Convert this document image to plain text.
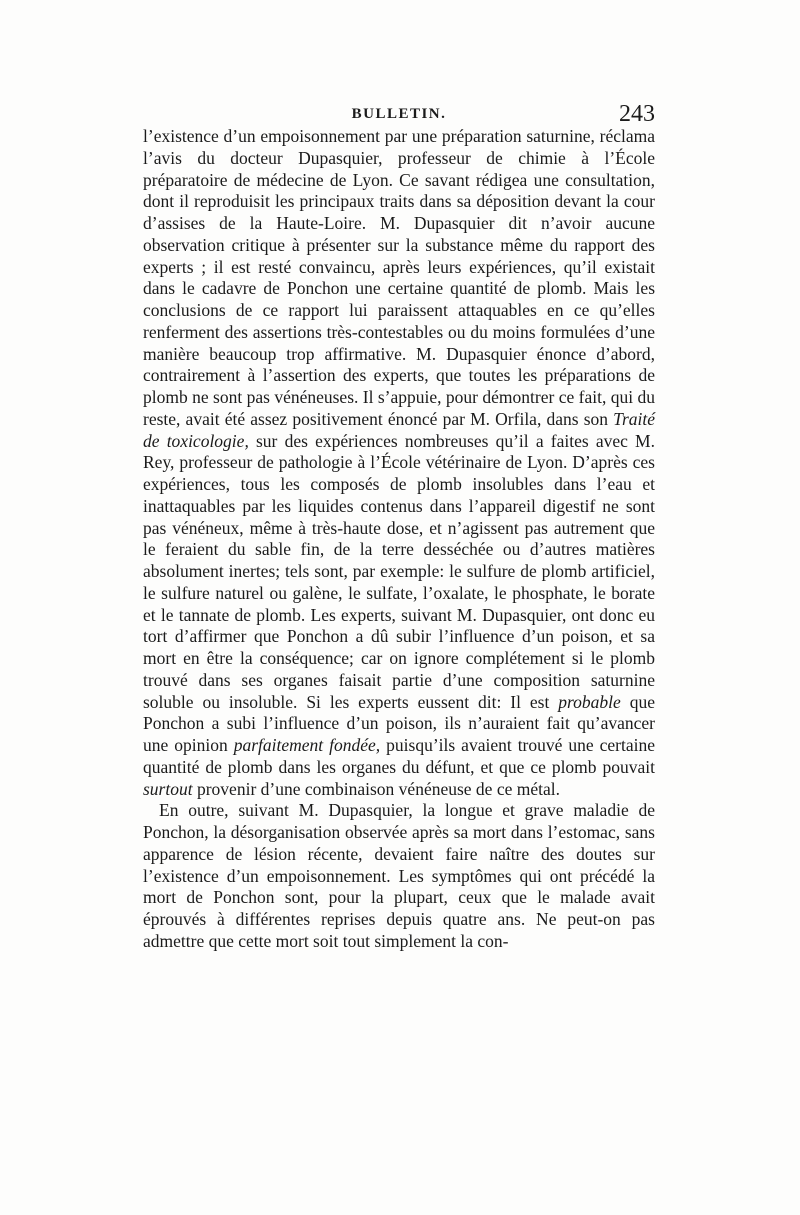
BULLETIN.	243

l’existence d’un empoisonnement par une préparation saturnine, réclama l’avis du docteur Dupasquier, professeur de chimie à l’École préparatoire de médecine de Lyon. Ce savant rédigea une consultation, dont il reproduisit les principaux traits dans sa déposition devant la cour d’assises de la Haute-Loire. M. Dupasquier dit n’avoir aucune observation critique à présenter sur la substance même du rapport des experts ; il est resté convaincu, après leurs expériences, qu’il existait dans le cadavre de Ponchon une certaine quantité de plomb. Mais les conclusions de ce rapport lui paraissent attaquables en ce qu’elles renferment des assertions très-contestables ou du moins formulées d’une manière beaucoup trop affirmative. M. Dupasquier énonce d’abord, contrairement à l’assertion des experts, que toutes les préparations de plomb ne sont pas vénéneuses. Il s’appuie, pour démontrer ce fait, qui du reste, avait été assez positivement énoncé par M. Orfila, dans son Traité de toxicologie, sur des expériences nombreuses qu’il a faites avec M. Rey, professeur de pathologie à l’École vétérinaire de Lyon. D’après ces expériences, tous les composés de plomb insolubles dans l’eau et inattaquables par les liquides contenus dans l’appareil digestif ne sont pas vénéneux, même à très-haute dose, et n’agissent pas autrement que le feraient du sable fin, de la terre desséchée ou d’autres matières absolument inertes; tels sont, par exemple: le sulfure de plomb artificiel, le sulfure naturel ou galène, le sulfate, l’oxalate, le phosphate, le borate et le tannate de plomb. Les experts, suivant M. Dupasquier, ont donc eu tort d’affirmer que Ponchon a dû subir l’influence d’un poison, et sa mort en être la conséquence; car on ignore complétement si le plomb trouvé dans ses organes faisait partie d’une composition saturnine soluble ou insoluble. Si les experts eussent dit: Il est probable que Ponchon a subi l’influence d’un poison, ils n’auraient fait qu’avancer une opinion parfaitement fondée, puisqu’ils avaient trouvé une certaine quantité de plomb dans les organes du défunt, et que ce plomb pouvait surtout provenir d’une combinaison vénéneuse de ce métal.

En outre, suivant M. Dupasquier, la longue et grave maladie de Ponchon, la désorganisation observée après sa mort dans l’estomac, sans apparence de lésion récente, devaient faire naître des doutes sur l’existence d’un empoisonnement. Les symptômes qui ont précédé la mort de Ponchon sont, pour la plupart, ceux que le malade avait éprouvés à différentes reprises depuis quatre ans. Ne peut-on pas admettre que cette mort soit tout simplement la con-
